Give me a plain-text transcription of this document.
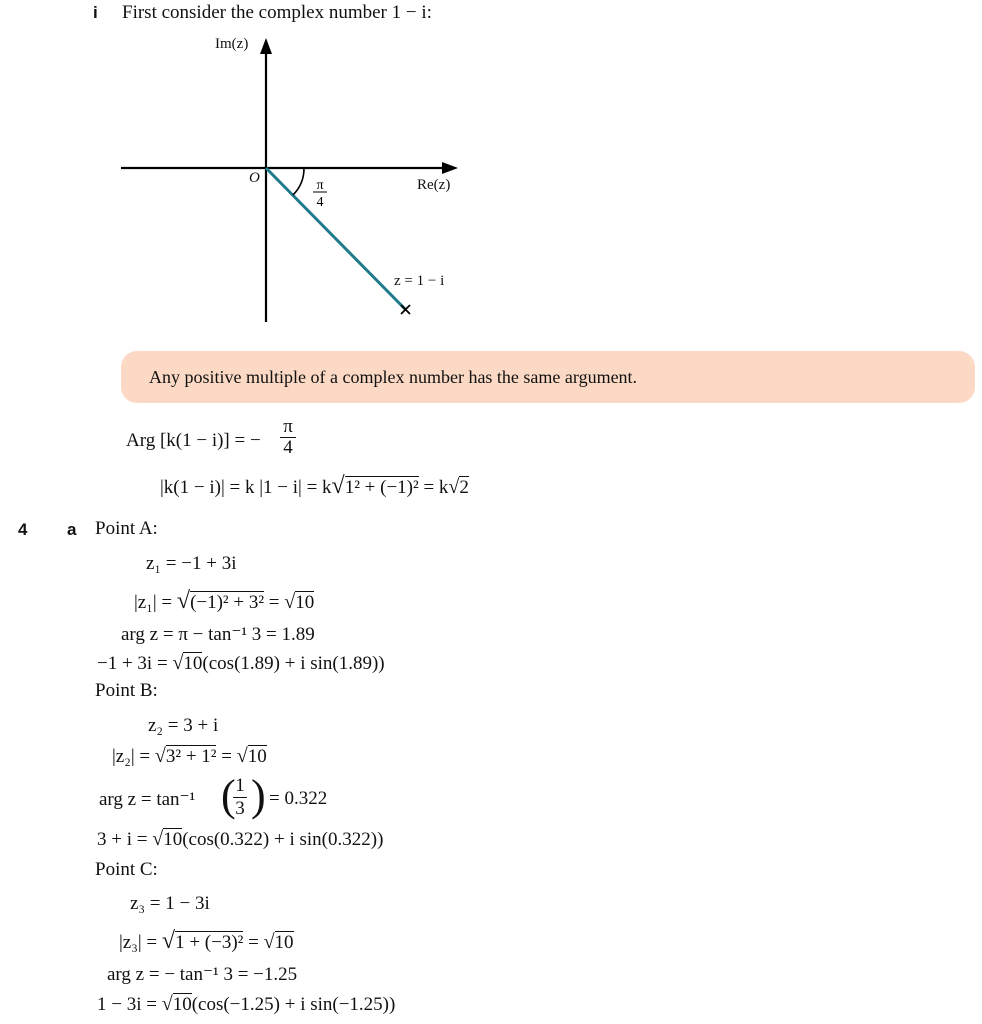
i First consider the complex number 1 − i:
π
4
Im(z)
Re(z)
O
z = 1 − i
Any positive multiple of a complex number has the same argument.
Arg [k(1 − i)] = −
π
4
|k(1 − i)| = k |1 − i| = k√1² + (−1)² = k√2
4 a Point A:
z₁ = −1 + 3i
|z₁| = √(−1)² + 3² = √10
arg z = π − tan⁻¹ 3 = 1.89
−1 + 3i = √10(cos(1.89) + i sin(1.89))
Point B:
z₂ = 3 + i
|z₂| = √3² + 1² = √10
arg z = tan⁻¹ ( 1
3 ) = 0.322
3 + i = √10(cos(0.322) + i sin(0.322))
Point C:
z₃ = 1 − 3i
|z₃| = √1 + (−3)² = √10
arg z = − tan⁻¹ 3 = −1.25
1 − 3i = √10(cos(−1.25) + i sin(−1.25))
